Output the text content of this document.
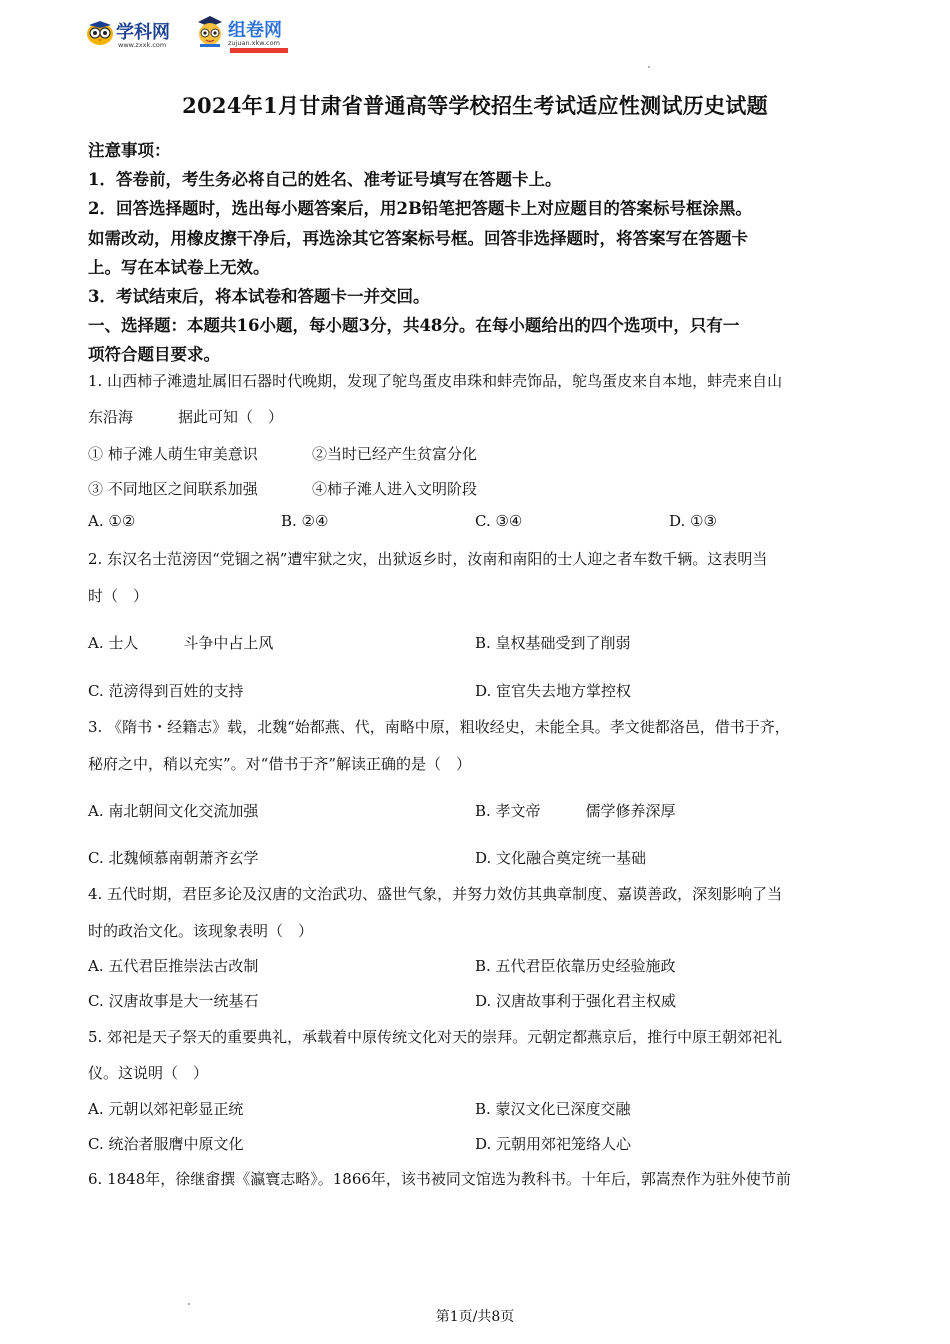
学科网
www.zxxk.com
组卷网
zujuan.xkw.com
2024年1月甘肃省普通高等学校招生考试适应性测试历史试题
注意事项：
1．答卷前，考生务必将自己的姓名、准考证号填写在答题卡上。
2．回答选择题时，选出每小题答案后，用2B铅笔把答题卡上对应题目的答案标号框涂黑。
如需改动，用橡皮擦干净后，再选涂其它答案标号框。回答非选择题时，将答案写在答题卡
上。写在本试卷上无效。
3．考试结束后，将本试卷和答题卡一并交回。
一、选择题：本题共16小题，每小题3分，共48分。在每小题给出的四个选项中，只有一
项符合题目要求。
1. 山西柿子滩遗址属旧石器时代晚期，发现了鸵鸟蛋皮串珠和蚌壳饰品，鸵鸟蛋皮来自本地，蚌壳来自山
东沿海　　　据此可知（　）
① 柿子滩人萌生审美意识	②当时已经产生贫富分化
③ 不同地区之间联系加强	④柿子滩人进入文明阶段
A. ①②	B. ②④	C. ③④	D. ①③
2. 东汉名士范滂因“党锢之祸”遭牢狱之灾，出狱返乡时，汝南和南阳的士人迎之者车数千辆。这表明当
时（　）
A. 士人　　　斗争中占上风	B. 皇权基础受到了削弱
C. 范滂得到百姓的支持	D. 宦官失去地方掌控权
3. 《隋书・经籍志》载，北魏“始都燕、代，南略中原，粗收经史，未能全具。孝文徙都洛邑，借书于齐，
秘府之中，稍以充实”。对“借书于齐”解读正确的是（　）
A. 南北朝间文化交流加强	B. 孝文帝　　　儒学修养深厚
C. 北魏倾慕南朝萧齐玄学	D. 文化融合奠定统一基础
4. 五代时期，君臣多论及汉唐的文治武功、盛世气象，并努力效仿其典章制度、嘉谟善政，深刻影响了当
时的政治文化。该现象表明（　）
A. 五代君臣推崇法古改制	B. 五代君臣依靠历史经验施政
C. 汉唐故事是大一统基石	D. 汉唐故事利于强化君主权威
5. 郊祀是天子祭天的重要典礼，承载着中原传统文化对天的崇拜。元朝定都燕京后，推行中原王朝郊祀礼
仪。这说明（　）
A. 元朝以郊祀彰显正统	B. 蒙汉文化已深度交融
C. 统治者服膺中原文化	D. 元朝用郊祀笼络人心
6. 1848年，徐继畬撰《瀛寰志略》。1866年，该书被同文馆选为教科书。十年后，郭嵩焘作为驻外使节前
第1页/共8页
